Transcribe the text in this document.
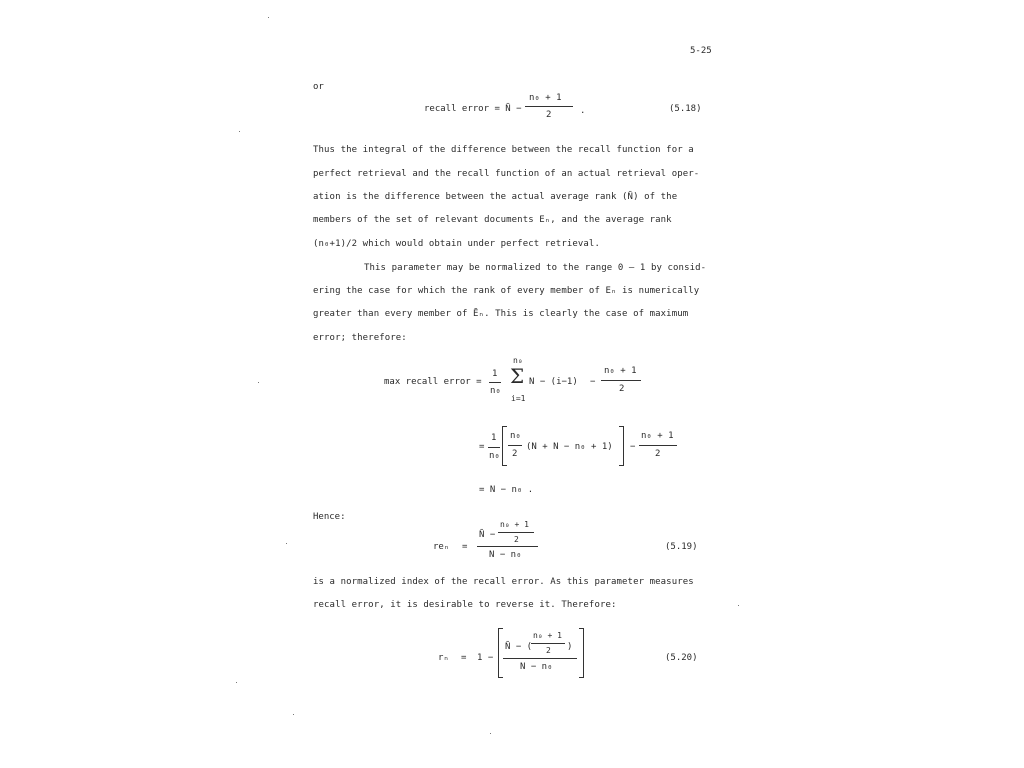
5-25
or
recall error = N̄ −
n₀ + 1
2	.	(5.18)
Thus the integral of the difference between the recall function for a
perfect retrieval and the recall function of an actual retrieval oper-
ation is the difference between the actual average rank (N̄) of the
members of the set of relevant documents Eₙ, and the average rank
(n₀+1)/2 which would obtain under perfect retrieval.
This parameter may be normalized to the range 0 – 1 by consid-
ering the case for which the rank of every member of Eₙ is numerically
greater than every member of Ēₙ. This is clearly the case of maximum
error; therefore:
max recall error =
1
n₀
n₀
Σ
i=1
N − (i−1) −
n₀ + 1
2
=
1
n₀
n₀
2
(N + N − n₀ + 1) −
n₀ + 1
2
= N − n₀ .
Hence:
reₙ =
N̄ −
n₀ + 1
2
N − n₀
(5.19)
is a normalized index of the recall error. As this parameter measures
recall error, it is desirable to reverse it. Therefore:
rₙ = 1 −
N̄ − (
n₀ + 1
2 )
N − n₀
(5.20)
